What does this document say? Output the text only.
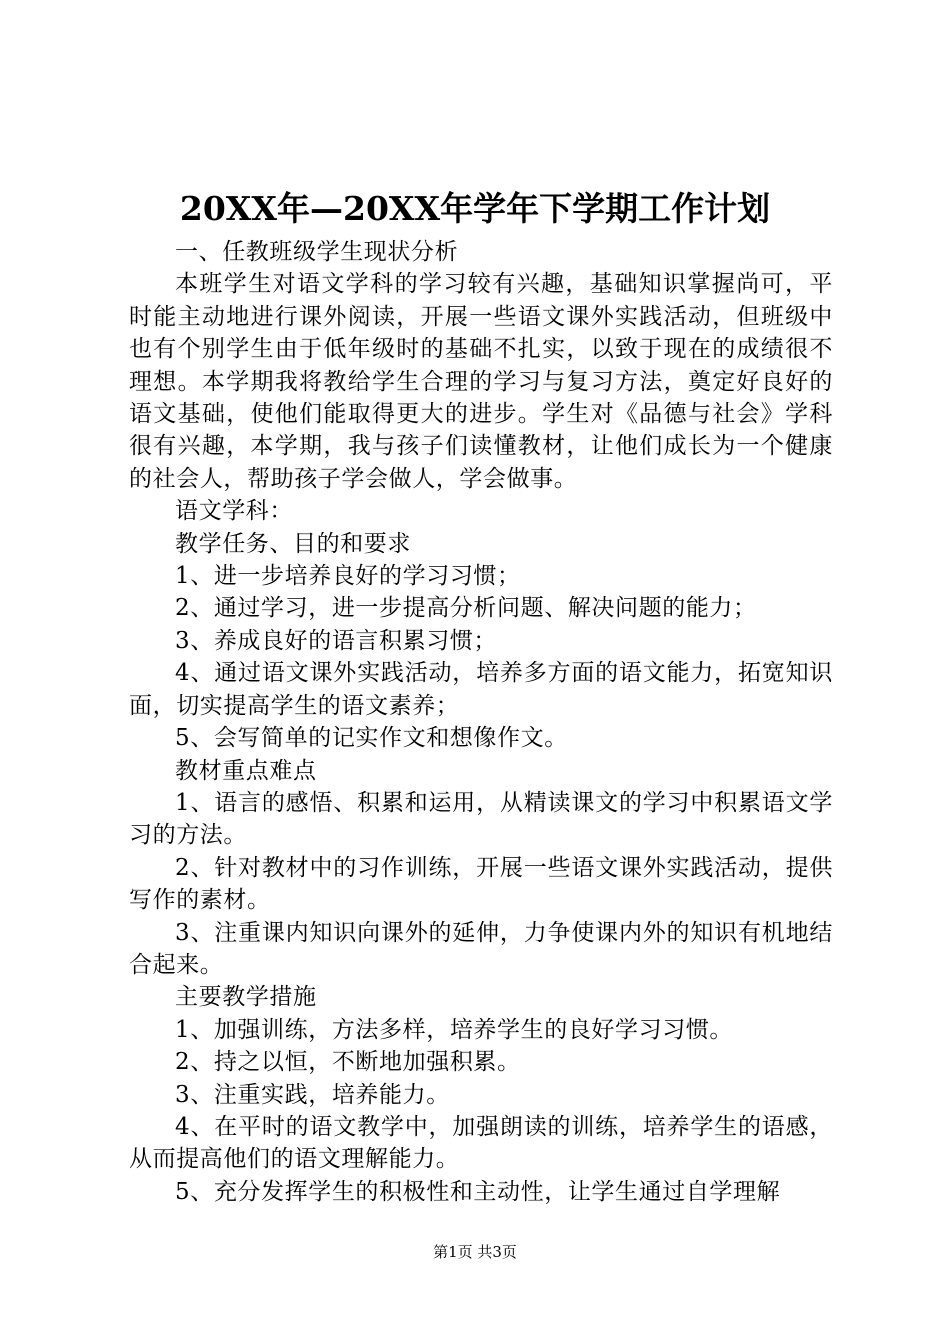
20XX年—20XX年学年下学期工作计划

一、任教班级学生现状分析

本班学生对语文学科的学习较有兴趣，基础知识掌握尚可，平时能主动地进行课外阅读，开展一些语文课外实践活动，但班级中也有个别学生由于低年级时的基础不扎实，以致于现在的成绩很不理想。本学期我将教给学生合理的学习与复习方法，奠定好良好的语文基础，使他们能取得更大的进步。学生对《品德与社会》学科很有兴趣，本学期，我与孩子们读懂教材，让他们成长为一个健康的社会人，帮助孩子学会做人，学会做事。

语文学科：

教学任务、目的和要求

1、进一步培养良好的学习习惯；

2、通过学习，进一步提高分析问题、解决问题的能力；

3、养成良好的语言积累习惯；

4、通过语文课外实践活动，培养多方面的语文能力，拓宽知识面，切实提高学生的语文素养；

5、会写简单的记实作文和想像作文。

教材重点难点

1、语言的感悟、积累和运用，从精读课文的学习中积累语文学习的方法。

2、针对教材中的习作训练，开展一些语文课外实践活动，提供写作的素材。

3、注重课内知识向课外的延伸，力争使课内外的知识有机地结合起来。

主要教学措施

1、加强训练，方法多样，培养学生的良好学习习惯。

2、持之以恒，不断地加强积累。

3、注重实践，培养能力。

4、在平时的语文教学中，加强朗读的训练，培养学生的语感，从而提高他们的语文理解能力。

5、充分发挥学生的积极性和主动性，让学生通过自学理解

第1页 共3页
